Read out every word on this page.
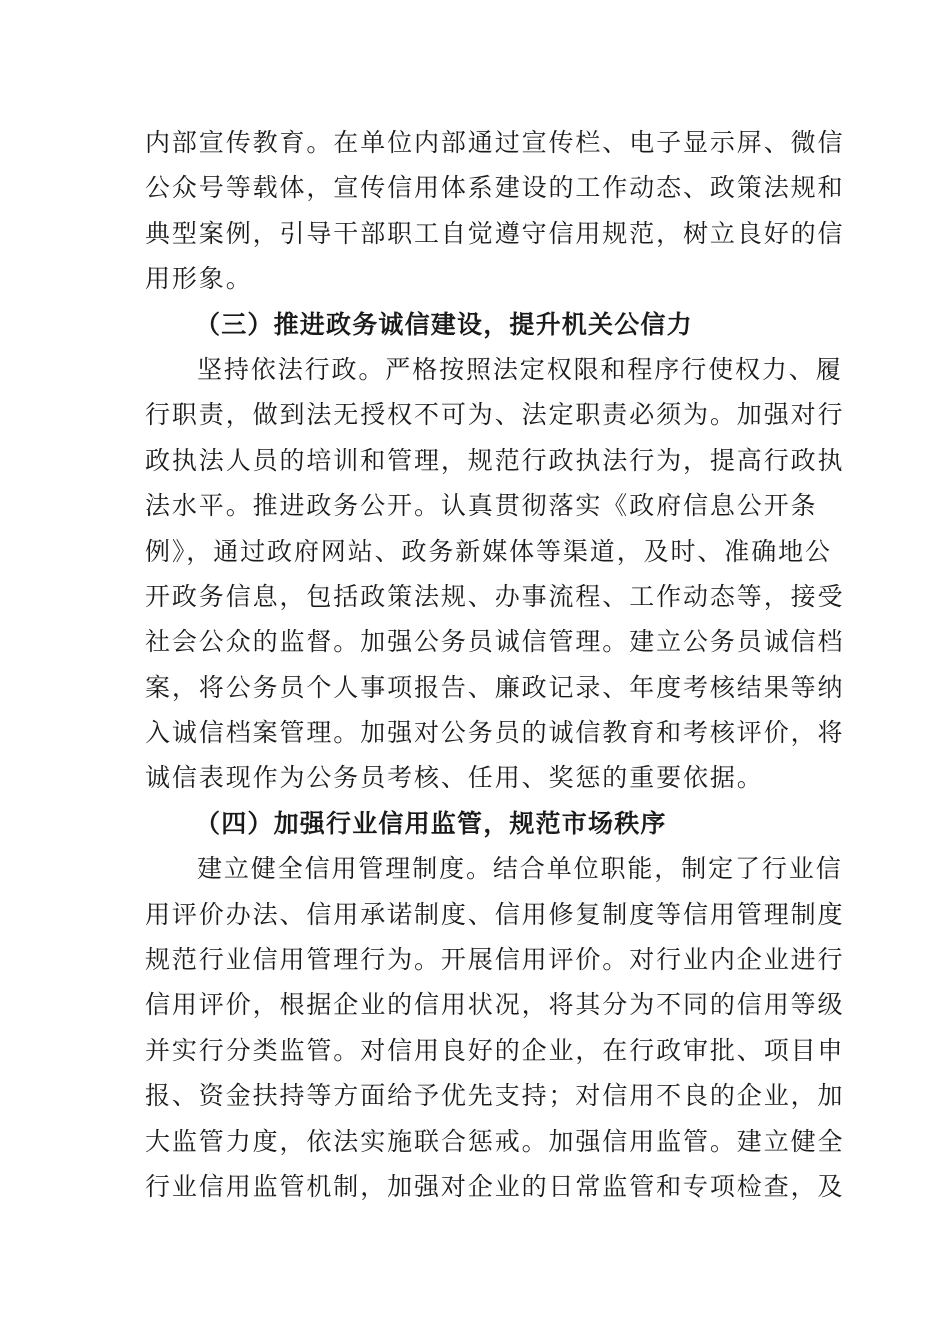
内部宣传教育。在单位内部通过宣传栏、电子显示屏、微信
公众号等载体，宣传信用体系建设的工作动态、政策法规和
典型案例，引导干部职工自觉遵守信用规范，树立良好的信
用形象。
（三）推进政务诚信建设，提升机关公信力
坚持依法行政。严格按照法定权限和程序行使权力、履
行职责，做到法无授权不可为、法定职责必须为。加强对行
政执法人员的培训和管理，规范行政执法行为，提高行政执
法水平。推进政务公开。认真贯彻落实《政府信息公开条
例》，通过政府网站、政务新媒体等渠道，及时、准确地公
开政务信息，包括政策法规、办事流程、工作动态等，接受
社会公众的监督。加强公务员诚信管理。建立公务员诚信档
案，将公务员个人事项报告、廉政记录、年度考核结果等纳
入诚信档案管理。加强对公务员的诚信教育和考核评价，将
诚信表现作为公务员考核、任用、奖惩的重要依据。
（四）加强行业信用监管，规范市场秩序
建立健全信用管理制度。结合单位职能，制定了行业信
用评价办法、信用承诺制度、信用修复制度等信用管理制度
规范行业信用管理行为。开展信用评价。对行业内企业进行
信用评价，根据企业的信用状况，将其分为不同的信用等级
并实行分类监管。对信用良好的企业，在行政审批、项目申
报、资金扶持等方面给予优先支持；对信用不良的企业，加
大监管力度，依法实施联合惩戒。加强信用监管。建立健全
行业信用监管机制，加强对企业的日常监管和专项检查，及
